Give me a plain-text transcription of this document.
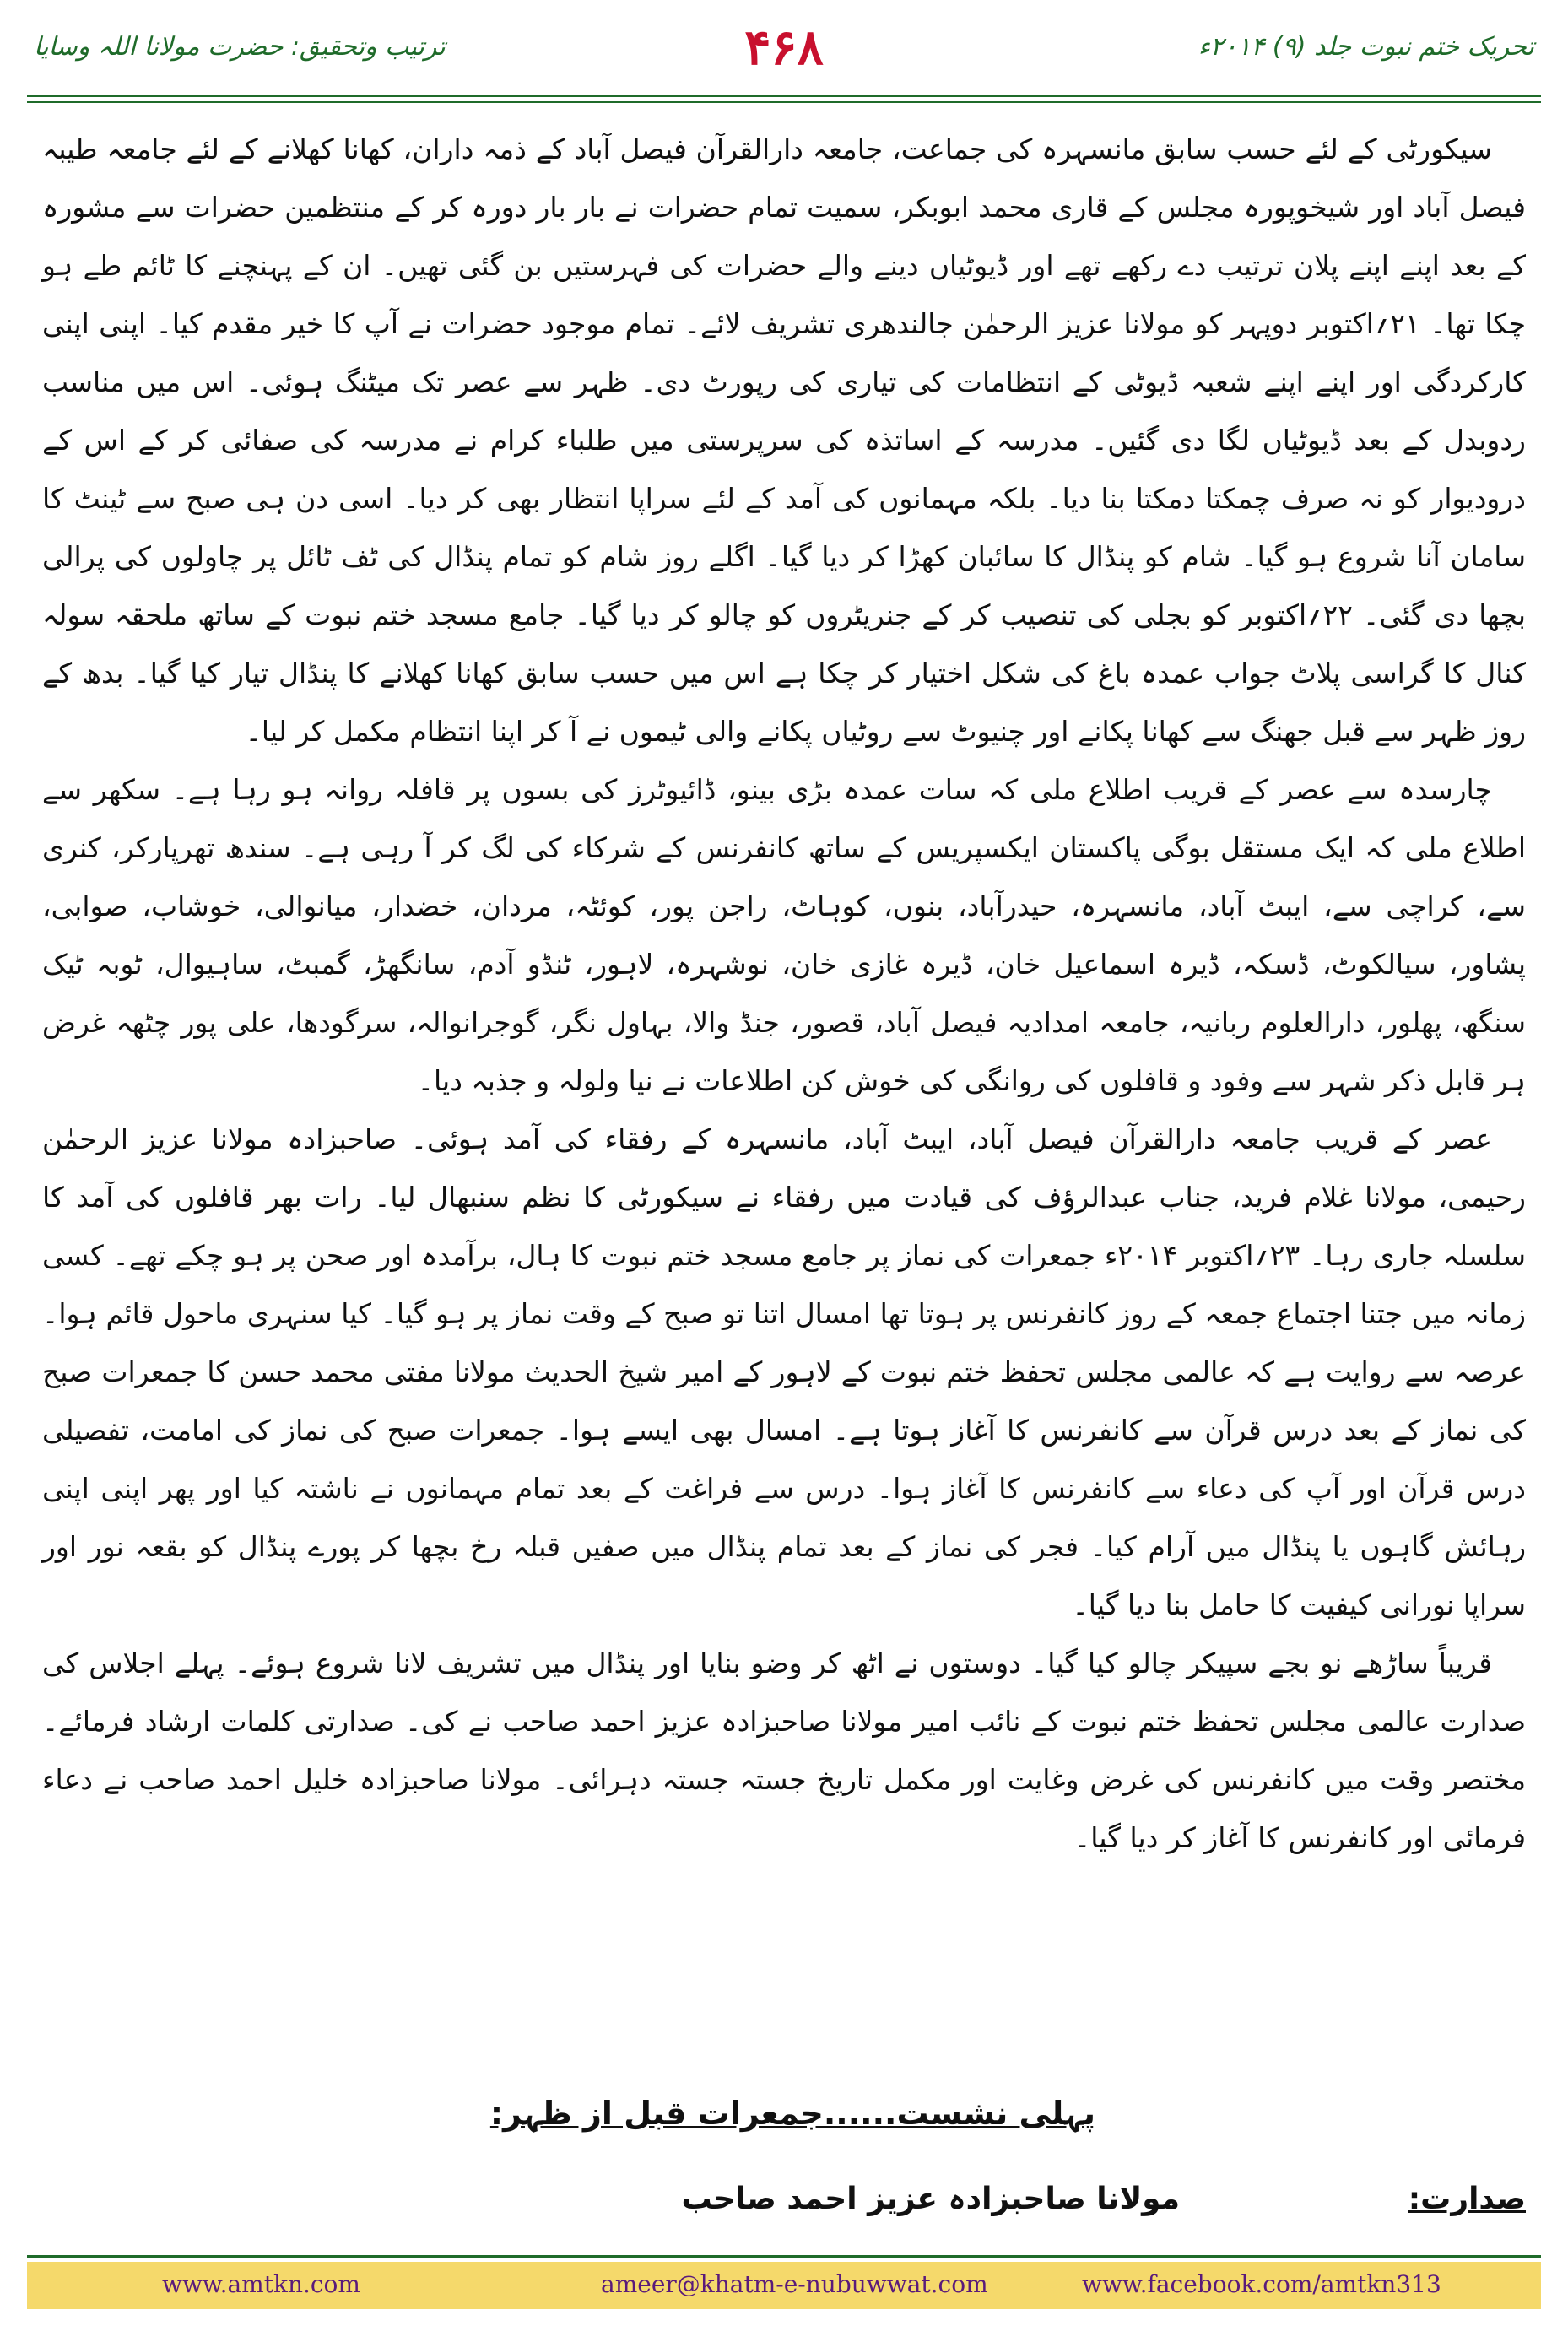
تحریک ختم نبوت جلد (۹) ۲۰۱۴ء
۴۶۸
ترتیب وتحقیق: حضرت مولانا اللہ وسایا

سیکورٹی کے لئے حسب سابق مانسہرہ کی جماعت، جامعہ دارالقرآن فیصل آباد کے ذمہ داران، کھانا کھلانے کے لئے جامعہ طیبہ فیصل آباد اور شیخوپورہ مجلس کے قاری محمد ابوبکر، سمیت تمام حضرات نے بار بار دورہ کر کے منتظمین حضرات سے مشورہ کے بعد اپنے اپنے پلان ترتیب دے رکھے تھے اور ڈیوٹیاں دینے والے حضرات کی فہرستیں بن گئی تھیں۔ ان کے پہنچنے کا ٹائم طے ہو چکا تھا۔ ۲۱؍اکتوبر دوپہر کو مولانا عزیز الرحمٰن جالندھری تشریف لائے۔ تمام موجود حضرات نے آپ کا خیر مقدم کیا۔ اپنی اپنی کارکردگی اور اپنے اپنے شعبہ ڈیوٹی کے انتظامات کی تیاری کی رپورٹ دی۔ ظہر سے عصر تک میٹنگ ہوئی۔ اس میں مناسب ردوبدل کے بعد ڈیوٹیاں لگا دی گئیں۔ مدرسہ کے اساتذہ کی سرپرستی میں طلباء کرام نے مدرسہ کی صفائی کر کے اس کے درودیوار کو نہ صرف چمکتا دمکتا بنا دیا۔ بلکہ مہمانوں کی آمد کے لئے سراپا انتظار بھی کر دیا۔ اسی دن ہی صبح سے ٹینٹ کا سامان آنا شروع ہو گیا۔ شام کو پنڈال کا سائبان کھڑا کر دیا گیا۔ اگلے روز شام کو تمام پنڈال کی ٹف ٹائل پر چاولوں کی پرالی بچھا دی گئی۔ ۲۲؍اکتوبر کو بجلی کی تنصیب کر کے جنریٹروں کو چالو کر دیا گیا۔ جامع مسجد ختم نبوت کے ساتھ ملحقہ سولہ کنال کا گراسی پلاٹ جواب عمدہ باغ کی شکل اختیار کر چکا ہے اس میں حسب سابق کھانا کھلانے کا پنڈال تیار کیا گیا۔ بدھ کے روز ظہر سے قبل جھنگ سے کھانا پکانے اور چنیوٹ سے روٹیاں پکانے والی ٹیموں نے آ کر اپنا انتظام مکمل کر لیا۔

چارسدہ سے عصر کے قریب اطلاع ملی کہ سات عمدہ بڑی بینو، ڈائیوٹرز کی بسوں پر قافلہ روانہ ہو رہا ہے۔ سکھر سے اطلاع ملی کہ ایک مستقل بوگی پاکستان ایکسپریس کے ساتھ کانفرنس کے شرکاء کی لگ کر آ رہی ہے۔ سندھ تھرپارکر، کنری سے، کراچی سے، ایبٹ آباد، مانسہرہ، حیدرآباد، بنوں، کوہاٹ، راجن پور، کوئٹہ، مردان، خضدار، میانوالی، خوشاب، صوابی، پشاور، سیالکوٹ، ڈسکہ، ڈیرہ اسماعیل خان، ڈیرہ غازی خان، نوشہرہ، لاہور، ٹنڈو آدم، سانگھڑ، گمبٹ، ساہیوال، ٹوبہ ٹیک سنگھ، پھلور، دارالعلوم ربانیہ، جامعہ امدادیہ فیصل آباد، قصور، جنڈ والا، بہاول نگر، گوجرانوالہ، سرگودھا، علی پور چٹھہ غرض ہر قابل ذکر شہر سے وفود و قافلوں کی روانگی کی خوش کن اطلاعات نے نیا ولولہ و جذبہ دیا۔

عصر کے قریب جامعہ دارالقرآن فیصل آباد، ایبٹ آباد، مانسہرہ کے رفقاء کی آمد ہوئی۔ صاحبزادہ مولانا عزیز الرحمٰن رحیمی، مولانا غلام فرید، جناب عبدالرؤف کی قیادت میں رفقاء نے سیکورٹی کا نظم سنبھال لیا۔ رات بھر قافلوں کی آمد کا سلسلہ جاری رہا۔ ۲۳؍اکتوبر ۲۰۱۴ء جمعرات کی نماز پر جامع مسجد ختم نبوت کا ہال، برآمدہ اور صحن پر ہو چکے تھے۔ کسی زمانہ میں جتنا اجتماع جمعہ کے روز کانفرنس پر ہوتا تھا امسال اتنا تو صبح کے وقت نماز پر ہو گیا۔ کیا سنہری ماحول قائم ہوا۔ عرصہ سے روایت ہے کہ عالمی مجلس تحفظ ختم نبوت کے لاہور کے امیر شیخ الحدیث مولانا مفتی محمد حسن کا جمعرات صبح کی نماز کے بعد درس قرآن سے کانفرنس کا آغاز ہوتا ہے۔ امسال بھی ایسے ہوا۔ جمعرات صبح کی نماز کی امامت، تفصیلی درس قرآن اور آپ کی دعاء سے کانفرنس کا آغاز ہوا۔ درس سے فراغت کے بعد تمام مہمانوں نے ناشتہ کیا اور پھر اپنی اپنی رہائش گاہوں یا پنڈال میں آرام کیا۔ فجر کی نماز کے بعد تمام پنڈال میں صفیں قبلہ رخ بچھا کر پورے پنڈال کو بقعہ نور اور سراپا نورانی کیفیت کا حامل بنا دیا گیا۔

قریباً ساڑھے نو بجے سپیکر چالو کیا گیا۔ دوستوں نے اٹھ کر وضو بنایا اور پنڈال میں تشریف لانا شروع ہوئے۔ پہلے اجلاس کی صدارت عالمی مجلس تحفظ ختم نبوت کے نائب امیر مولانا صاحبزادہ عزیز احمد صاحب نے کی۔ صدارتی کلمات ارشاد فرمائے۔ مختصر وقت میں کانفرنس کی غرض وغایت اور مکمل تاریخ جستہ جستہ دہرائی۔ مولانا صاحبزادہ خلیل احمد صاحب نے دعاء فرمائی اور کانفرنس کا آغاز کر دیا گیا۔

پہلی نشست......جمعرات قبل از ظہر:
صدارت:
مولانا صاحبزادہ عزیز احمد صاحب
www.amtkn.com	ameer@khatm-e-nubuwwat.com	www.facebook.com/amtkn313
